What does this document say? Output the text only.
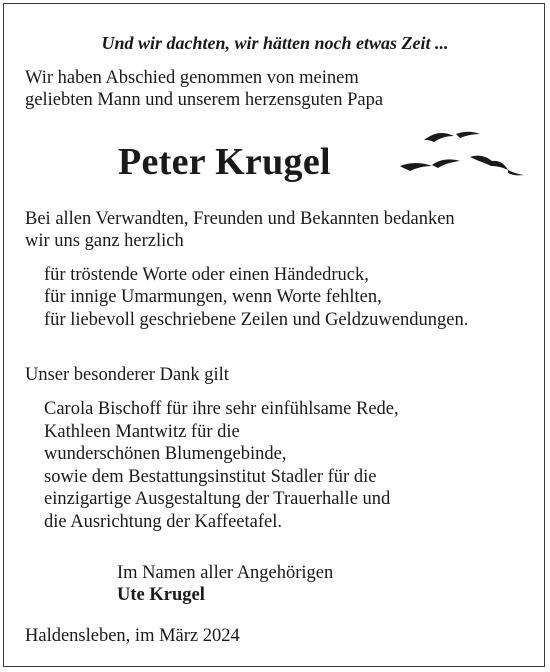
Und wir dachten, wir hätten noch etwas Zeit ...
Wir haben Abschied genommen von meinem
geliebten Mann und unserem herzensguten Papa
Peter Krugel
Bei allen Verwandten, Freunden und Bekannten bedanken
wir uns ganz herzlich
für tröstende Worte oder einen Händedruck,
für innige Umarmungen, wenn Worte fehlten,
für liebevoll geschriebene Zeilen und Geldzuwendungen.
Unser besonderer Dank gilt
Carola Bischoff für ihre sehr einfühlsame Rede,
Kathleen Mantwitz für die
wunderschönen Blumengebinde,
sowie dem Bestattungsinstitut Stadler für die
einzigartige Ausgestaltung der Trauerhalle und
die Ausrichtung der Kaffeetafel.
Im Namen aller Angehörigen
Ute Krugel
Haldensleben, im März 2024
